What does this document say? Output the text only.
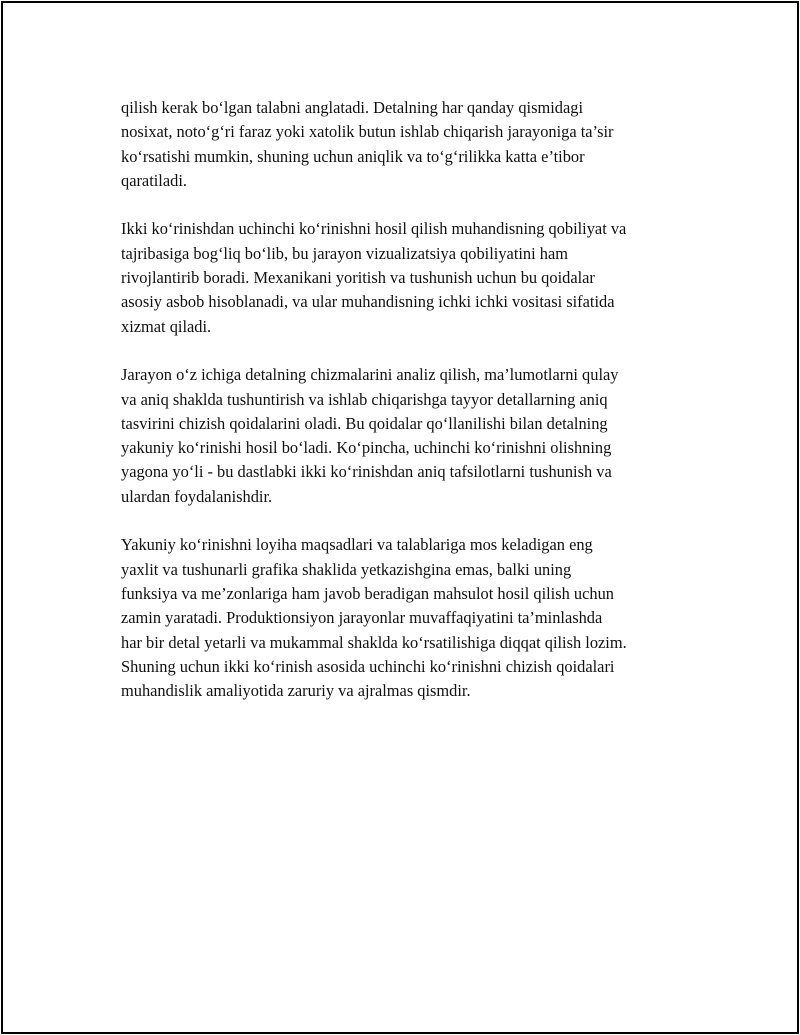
qilish kerak bo‘lgan talabni anglatadi. Detalning har qanday qismidagi
nosixat, noto‘g‘ri faraz yoki xatolik butun ishlab chiqarish jarayoniga ta’sir
ko‘rsatishi mumkin, shuning uchun aniqlik va to‘g‘rilikka katta e’tibor
qaratiladi.

Ikki ko‘rinishdan uchinchi ko‘rinishni hosil qilish muhandisning qobiliyat va
tajribasiga bog‘liq bo‘lib, bu jarayon vizualizatsiya qobiliyatini ham
rivojlantirib boradi. Mexanikani yoritish va tushunish uchun bu qoidalar
asosiy asbob hisoblanadi, va ular muhandisning ichki ichki vositasi sifatida
xizmat qiladi.

Jarayon o‘z ichiga detalning chizmalarini analiz qilish, ma’lumotlarni qulay
va aniq shaklda tushuntirish va ishlab chiqarishga tayyor detallarning aniq
tasvirini chizish qoidalarini oladi. Bu qoidalar qo‘llanilishi bilan detalning
yakuniy ko‘rinishi hosil bo‘ladi. Ko‘pincha, uchinchi ko‘rinishni olishning
yagona yo‘li - bu dastlabki ikki ko‘rinishdan aniq tafsilotlarni tushunish va
ulardan foydalanishdir.

Yakuniy ko‘rinishni loyiha maqsadlari va talablariga mos keladigan eng
yaxlit va tushunarli grafika shaklida yetkazishgina emas, balki uning
funksiya va me’zonlariga ham javob beradigan mahsulot hosil qilish uchun
zamin yaratadi. Produktionsiyon jarayonlar muvaffaqiyatini ta’minlashda
har bir detal yetarli va mukammal shaklda ko‘rsatilishiga diqqat qilish lozim.
Shuning uchun ikki ko‘rinish asosida uchinchi ko‘rinishni chizish qoidalari
muhandislik amaliyotida zaruriy va ajralmas qismdir.
